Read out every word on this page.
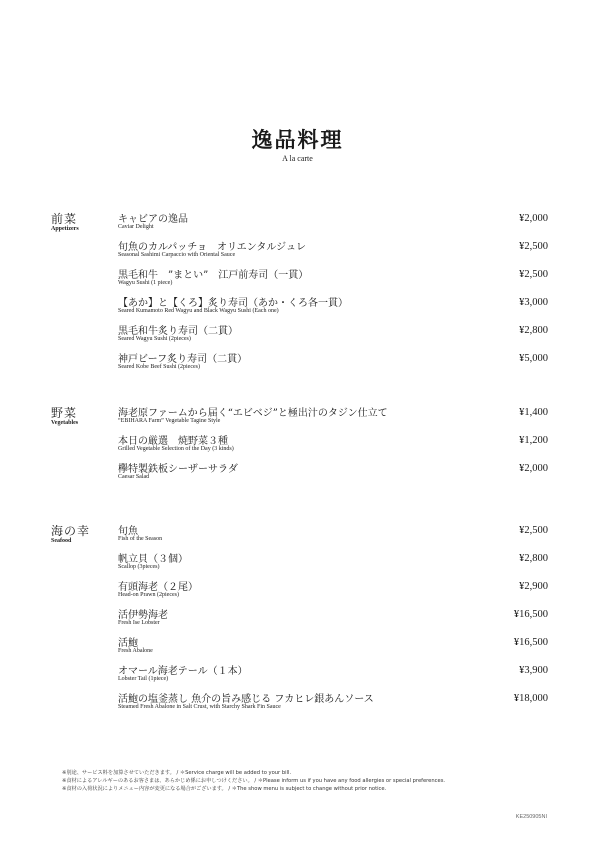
逸品料理
A la carte
前菜
Appetizers
キャビアの逸品
Caviar Delight
¥2,000
旬魚のカルパッチョ　オリエンタルジュレ
Seasonal Sashimi Carpaccio with Oriental Sauce
¥2,500
黒毛和牛　”まとい”　江戸前寿司（一貫）
Wagyu Sushi (1 piece)
¥2,500
【あか】と【くろ】炙り寿司（あか・くろ各一貫）
Seared Kumamoto Red Wagyu and Black Wagyu Sushi (Each one)
¥3,000
黒毛和牛炙り寿司（二貫）
Seared Wagyu Sushi (2pieces)
¥2,800
神戸ビーフ炙り寿司（二貫）
Seared Kobe Beef Sushi (2pieces)
¥5,000
野菜
Vegetables
海老原ファームから届く“エビベジ”と極出汁のタジン仕立て
“EBIHARA Farm” Vegetable Tagine Style
¥1,400
本日の厳選　焼野菜３種
Grilled Vegetable Selection of the Day (3 kinds)
¥1,200
欅特製鉄板シーザーサラダ
Caesar Salad
¥2,000
海の幸
Seafood
旬魚
Fish of the Season
¥2,500
帆立貝（３個）
Scallop (3pieces)
¥2,800
有頭海老（２尾）
Head-on Prawn (2pieces)
¥2,900
活伊勢海老
Fresh Ise Lobster
¥16,500
活鮑
Fresh Abalone
¥16,500
オマール海老テール（１本）
Lobster Tail (1piece)
¥3,900
活鮑の塩釜蒸し 魚介の旨み感じる フカヒレ銀あんソース
Steamed Fresh Abalone in Salt Crust, with Starchy Shark Fin Sauce
¥18,000
※別途、サービス料を加算させていただきます。 / ＊Service charge will be added to your bill.
※食材によるアレルギーのあるお客さまは、あらかじめ係にお申しつけください。 / ＊Please inform us if you have any food allergies or special preferences.
※食材の入荷状況によりメニュー内容が変更になる場合がございます。 / ＊The show menu is subject to change without prior notice.
KE250905NI
